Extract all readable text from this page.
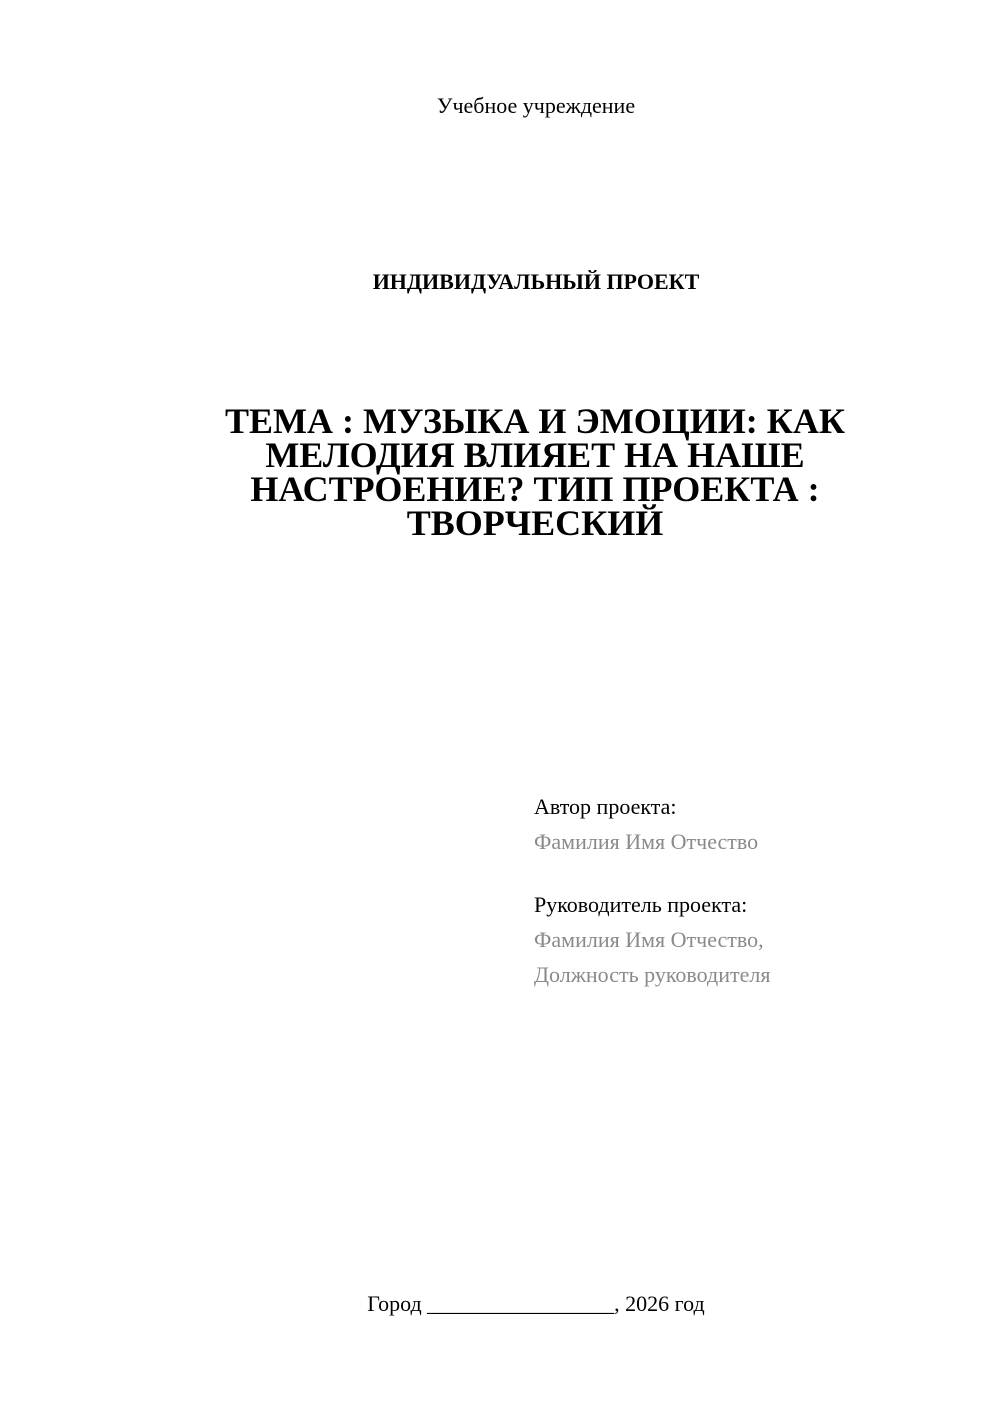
Учебное учреждение
ИНДИВИДУАЛЬНЫЙ ПРОЕКТ
ТЕМА : МУЗЫКА И ЭМОЦИИ: КАК
МЕЛОДИЯ ВЛИЯЕТ НА НАШЕ
НАСТРОЕНИЕ? ТИП ПРОЕКТА :
ТВОРЧЕСКИЙ
Автор проекта:
Фамилия Имя Отчество
Руководитель проекта:
Фамилия Имя Отчество,
Должность руководителя
Город _________________, 2026 год
